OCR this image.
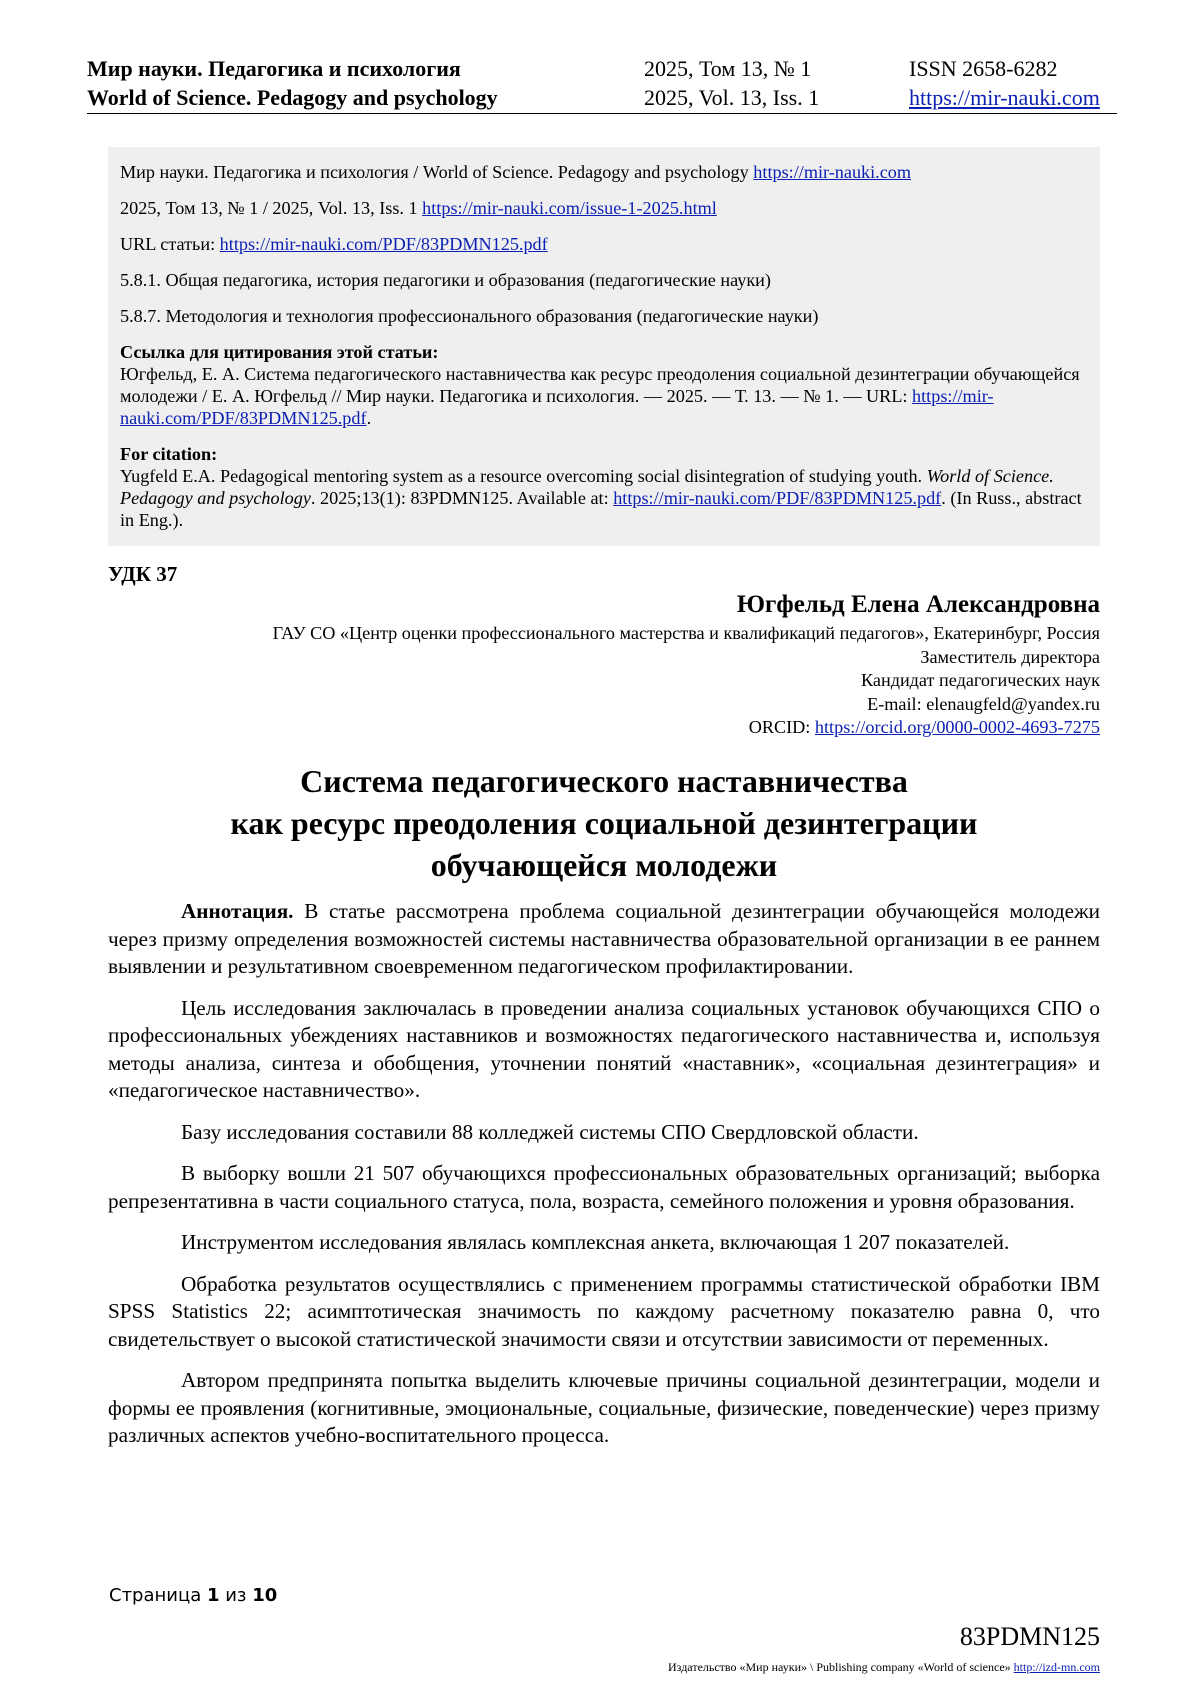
Мир науки. Педагогика и психология	2025, Том 13, № 1	ISSN 2658-6282
World of Science. Pedagogy and psychology	2025, Vol. 13, Iss. 1	https://mir-nauki.com

Мир науки. Педагогика и психология / World of Science. Pedagogy and psychology https://mir-nauki.com

2025, Том 13, № 1 / 2025, Vol. 13, Iss. 1 https://mir-nauki.com/issue-1-2025.html

URL статьи: https://mir-nauki.com/PDF/83PDMN125.pdf

5.8.1. Общая педагогика, история педагогики и образования (педагогические науки)

5.8.7. Методология и технология профессионального образования (педагогические науки)

Ссылка для цитирования этой статьи:
Югфельд, Е. А. Система педагогического наставничества как ресурс преодоления социальной дезинтеграции обучающейся молодежи / Е. А. Югфельд // Мир науки. Педагогика и психология. — 2025. — Т. 13. — № 1. — URL: https://mir-nauki.com/PDF/83PDMN125.pdf.
For citation:
Yugfeld E.A. Pedagogical mentoring system as a resource overcoming social disintegration of studying youth. World of Science. Pedagogy and psychology. 2025;13(1): 83PDMN125. Available at: https://mir-nauki.com/PDF/83PDMN125.pdf. (In Russ., abstract in Eng.).
УДК 37
Югфельд Елена Александровна
ГАУ СО «Центр оценки профессионального мастерства и квалификаций педагогов», Екатеринбург, Россия
Заместитель директора
Кандидат педагогических наук
E-mail: elenaugfeld@yandex.ru
ORCID: https://orcid.org/0000-0002-4693-7275
Система педагогического наставничества
как ресурс преодоления социальной дезинтеграции
обучающейся молодежи

Аннотация. В статье рассмотрена проблема социальной дезинтеграции обучающейся молодежи через призму определения возможностей системы наставничества образовательной организации в ее раннем выявлении и результативном своевременном педагогическом профилактировании.

Цель исследования заключалась в проведении анализа социальных установок обучающихся СПО о профессиональных убеждениях наставников и возможностях педагогического наставничества и, используя методы анализа, синтеза и обобщения, уточнении понятий «наставник», «социальная дезинтеграция» и «педагогическое наставничество».

Базу исследования составили 88 колледжей системы СПО Свердловской области.

В выборку вошли 21 507 обучающихся профессиональных образовательных организаций; выборка репрезентативна в части социального статуса, пола, возраста, семейного положения и уровня образования.

Инструментом исследования являлась комплексная анкета, включающая 1 207 показателей.

Обработка результатов осуществлялись с применением программы статистической обработки IBM SPSS Statistics 22; асимптотическая значимость по каждому расчетному показателю равна 0, что свидетельствует о высокой статистической значимости связи и отсутствии зависимости от переменных.

Автором предпринята попытка выделить ключевые причины социальной дезинтеграции, модели и формы ее проявления (когнитивные, эмоциональные, социальные, физические, поведенческие) через призму различных аспектов учебно-воспитательного процесса.

Страница 1 из 10
83PDMN125
Издательство «Мир науки» \ Publishing company «World of science» http://izd-mn.com
